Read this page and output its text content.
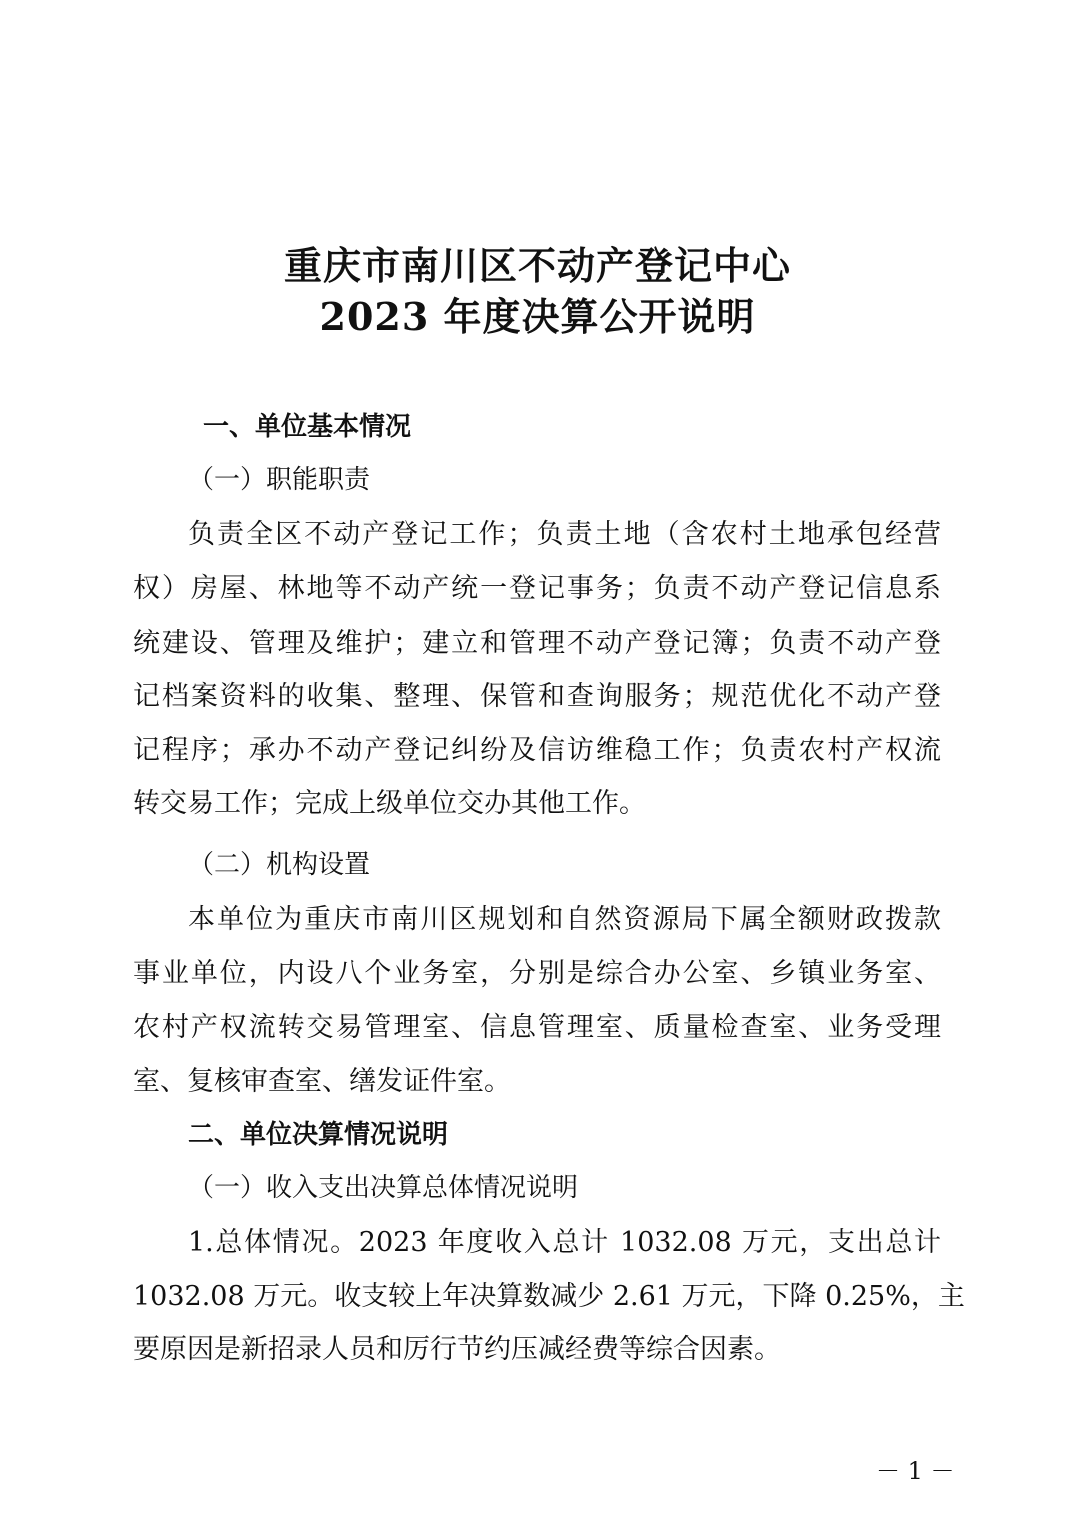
重庆市南川区不动产登记中心
2023 年度决算公开说明
一、单位基本情况
（一）职能职责
负责全区不动产登记工作；负责土地（含农村土地承包经营
权）房屋、林地等不动产统一登记事务；负责不动产登记信息系
统建设、管理及维护；建立和管理不动产登记簿；负责不动产登
记档案资料的收集、整理、保管和查询服务；规范优化不动产登
记程序；承办不动产登记纠纷及信访维稳工作；负责农村产权流
转交易工作；完成上级单位交办其他工作。
（二）机构设置
本单位为重庆市南川区规划和自然资源局下属全额财政拨款
事业单位，内设八个业务室，分别是综合办公室、乡镇业务室、
农村产权流转交易管理室、信息管理室、质量检查室、业务受理
室、复核审查室、缮发证件室。
二、单位决算情况说明
（一）收入支出决算总体情况说明
1.总体情况。2023 年度收入总计 1032.08 万元，支出总计
1032.08 万元。收支较上年决算数减少 2.61 万元，下降 0.25%，主
要原因是新招录人员和厉行节约压减经费等综合因素。
－ 1 －
